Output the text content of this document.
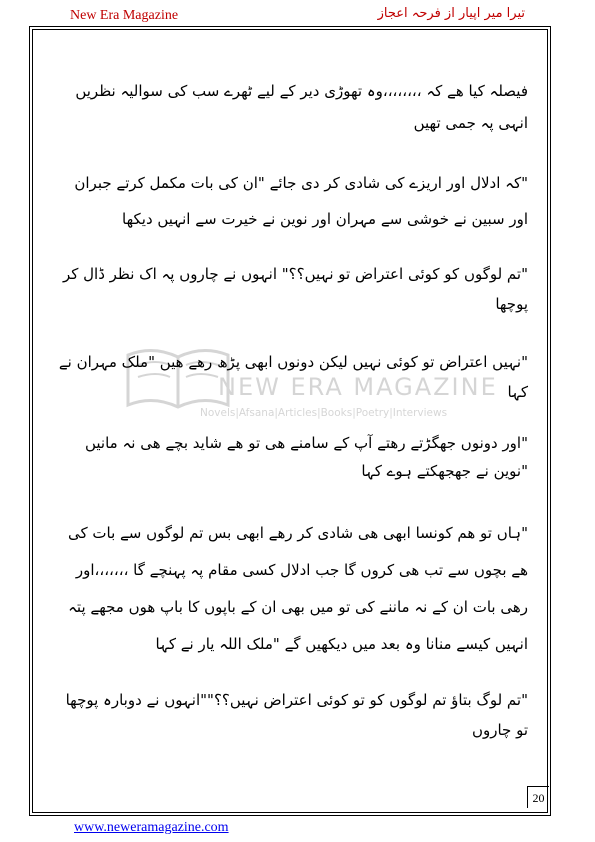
New Era Magazine	تیرا میر اپیار از فرحہ اعجاز
NEW ERA MAGAZINE
Novels|Afsana|Articles|Books|Poetry|Interviews

فیصلہ کیا ھے کہ ،،،،،،،،وہ تھوڑی دیر کے لیے ٹھرے سب کی سوالیہ نظریں انہی پہ جمی تھیں

"کہ ادلال اور اریزے کی شادی کر دی جائے "ان کی بات مکمل کرتے جبران اور سبین نے خوشی سے مہران اور نوین نے خیرت سے انہیں دیکھا

"تم لوگوں کو کوئی اعتراض تو نہیں؟؟" انہوں نے چاروں پہ اک نظر ڈال کر پوچھا

"نہیں اعتراض تو کوئی نہیں لیکن دونوں ابھی پڑھ رھے ھیں "ملک مہران نے کہا

"اور دونوں جھگڑتے رھتے آپ کے سامنے ھی تو ھے شاید بچے ھی نہ مانیں "نوین نے جھجھکتے ہوے کہا

"ہاں تو ھم کونسا ابھی ھی شادی کر رھے ابھی بس تم لوگوں سے بات کی ھے بچوں سے تب ھی کروں گا جب ادلال کسی مقام پہ پہنچے گا ،،،،،،،اور رھی بات ان کے نہ ماننے کی تو میں بھی ان کے باپوں کا باپ ھوں مجھے پتہ انہیں کیسے منانا وہ بعد میں دیکھیں گے "ملک اللہ یار نے کہا

"تم لوگ بتاؤ تم لوگوں کو تو کوئی اعتراض نہیں؟؟""انہوں نے دوبارہ پوچھا تو چاروں

20
www.neweramagazine.com
